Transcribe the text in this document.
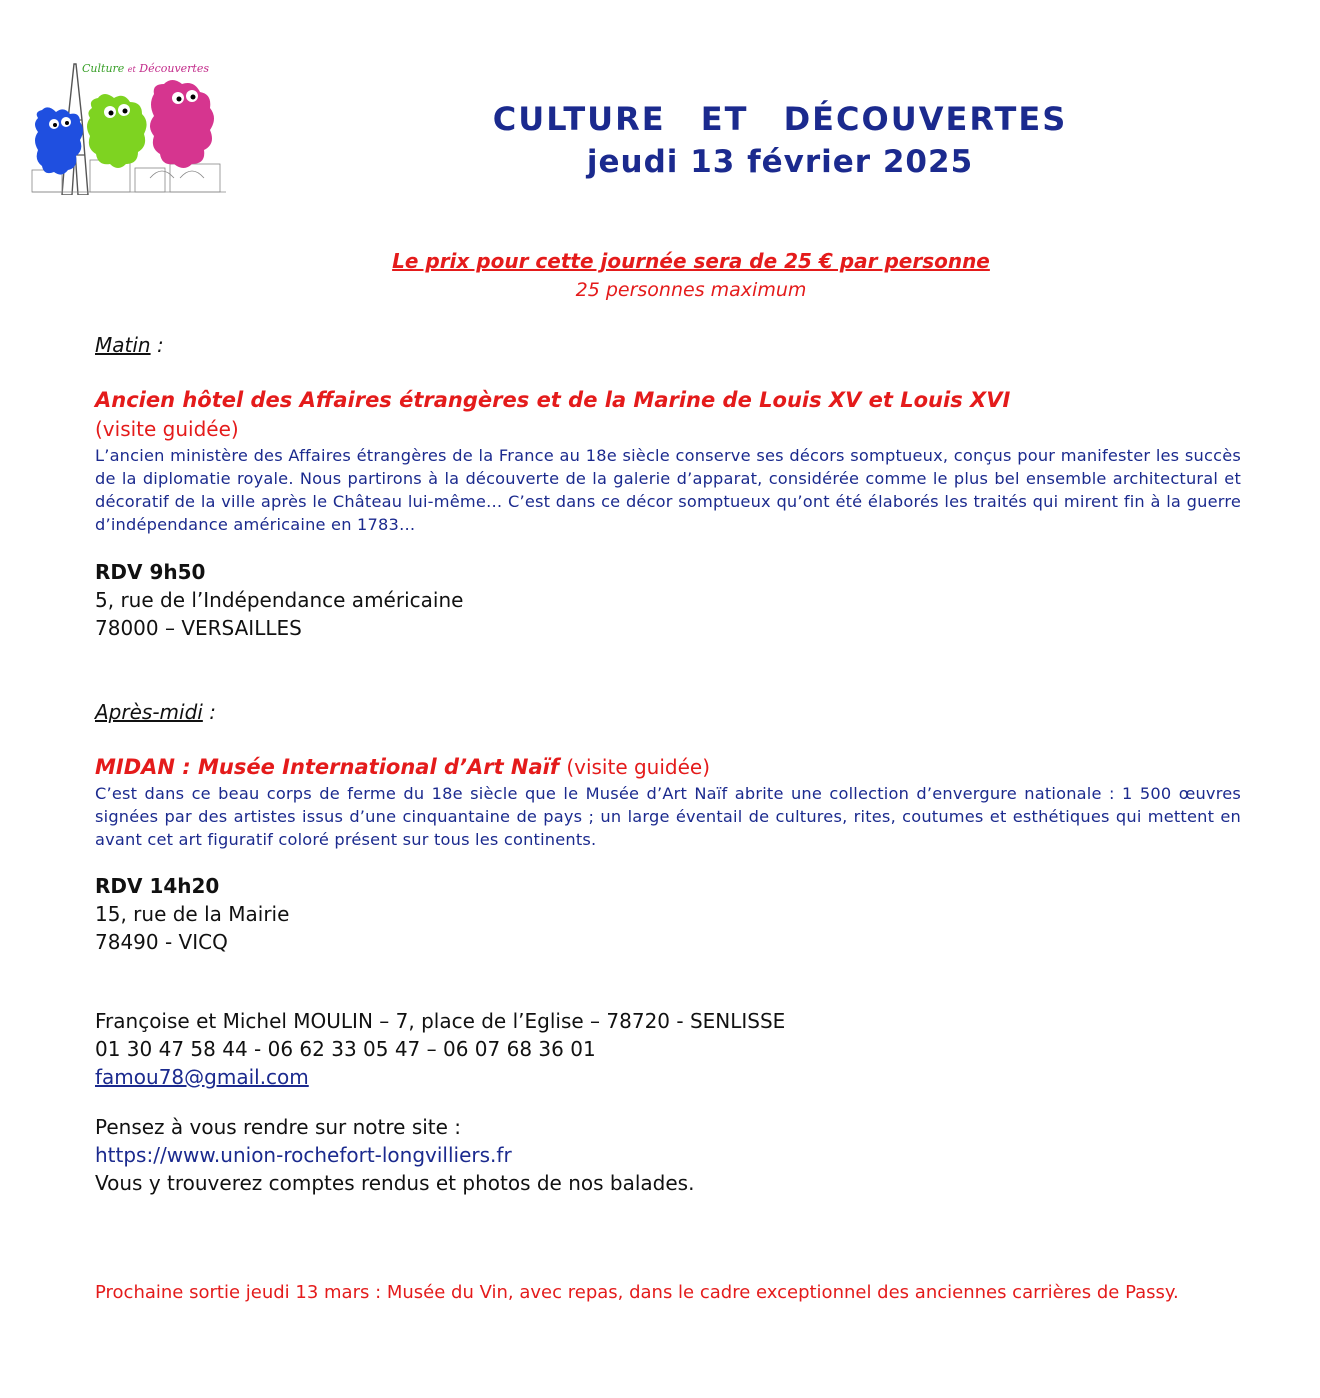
Culture et Découvertes
CULTURE ET DÉCOUVERTES
jeudi 13 février 2025
Le prix pour cette journée sera de 25 € par personne
25 personnes maximum
Matin :
Ancien hôtel des Affaires étrangères et de la Marine de Louis XV et Louis XVI
(visite guidée)
L’ancien ministère des Affaires étrangères de la France au 18e siècle conserve ses décors somptueux, conçus pour manifester les succès de la diplomatie royale. Nous partirons à la découverte de la galerie d’apparat, considérée comme le plus bel ensemble architectural et décoratif de la ville après le Château lui-même… C’est dans ce décor somptueux qu’ont été élaborés les traités qui mirent fin à la guerre d’indépendance américaine en 1783…
RDV 9h50
5, rue de l’Indépendance américaine
78000 – VERSAILLES
Après-midi :
MIDAN : Musée International d’Art Naïf (visite guidée)
C’est dans ce beau corps de ferme du 18e siècle que le Musée d’Art Naïf abrite une collection d’envergure nationale : 1 500 œuvres signées par des artistes issus d’une cinquantaine de pays ; un large éventail de cultures, rites, coutumes et esthétiques qui mettent en avant cet art figuratif coloré présent sur tous les continents.
RDV 14h20
15, rue de la Mairie
78490 - VICQ
Françoise et Michel MOULIN – 7, place de l’Eglise – 78720 - SENLISSE
01 30 47 58 44 - 06 62 33 05 47 – 06 07 68 36 01
famou78@gmail.com
Pensez à vous rendre sur notre site :
https://www.union-rochefort-longvilliers.fr
Vous y trouverez comptes rendus et photos de nos balades.
Prochaine sortie jeudi 13 mars : Musée du Vin, avec repas, dans le cadre exceptionnel des anciennes carrières de Passy.
